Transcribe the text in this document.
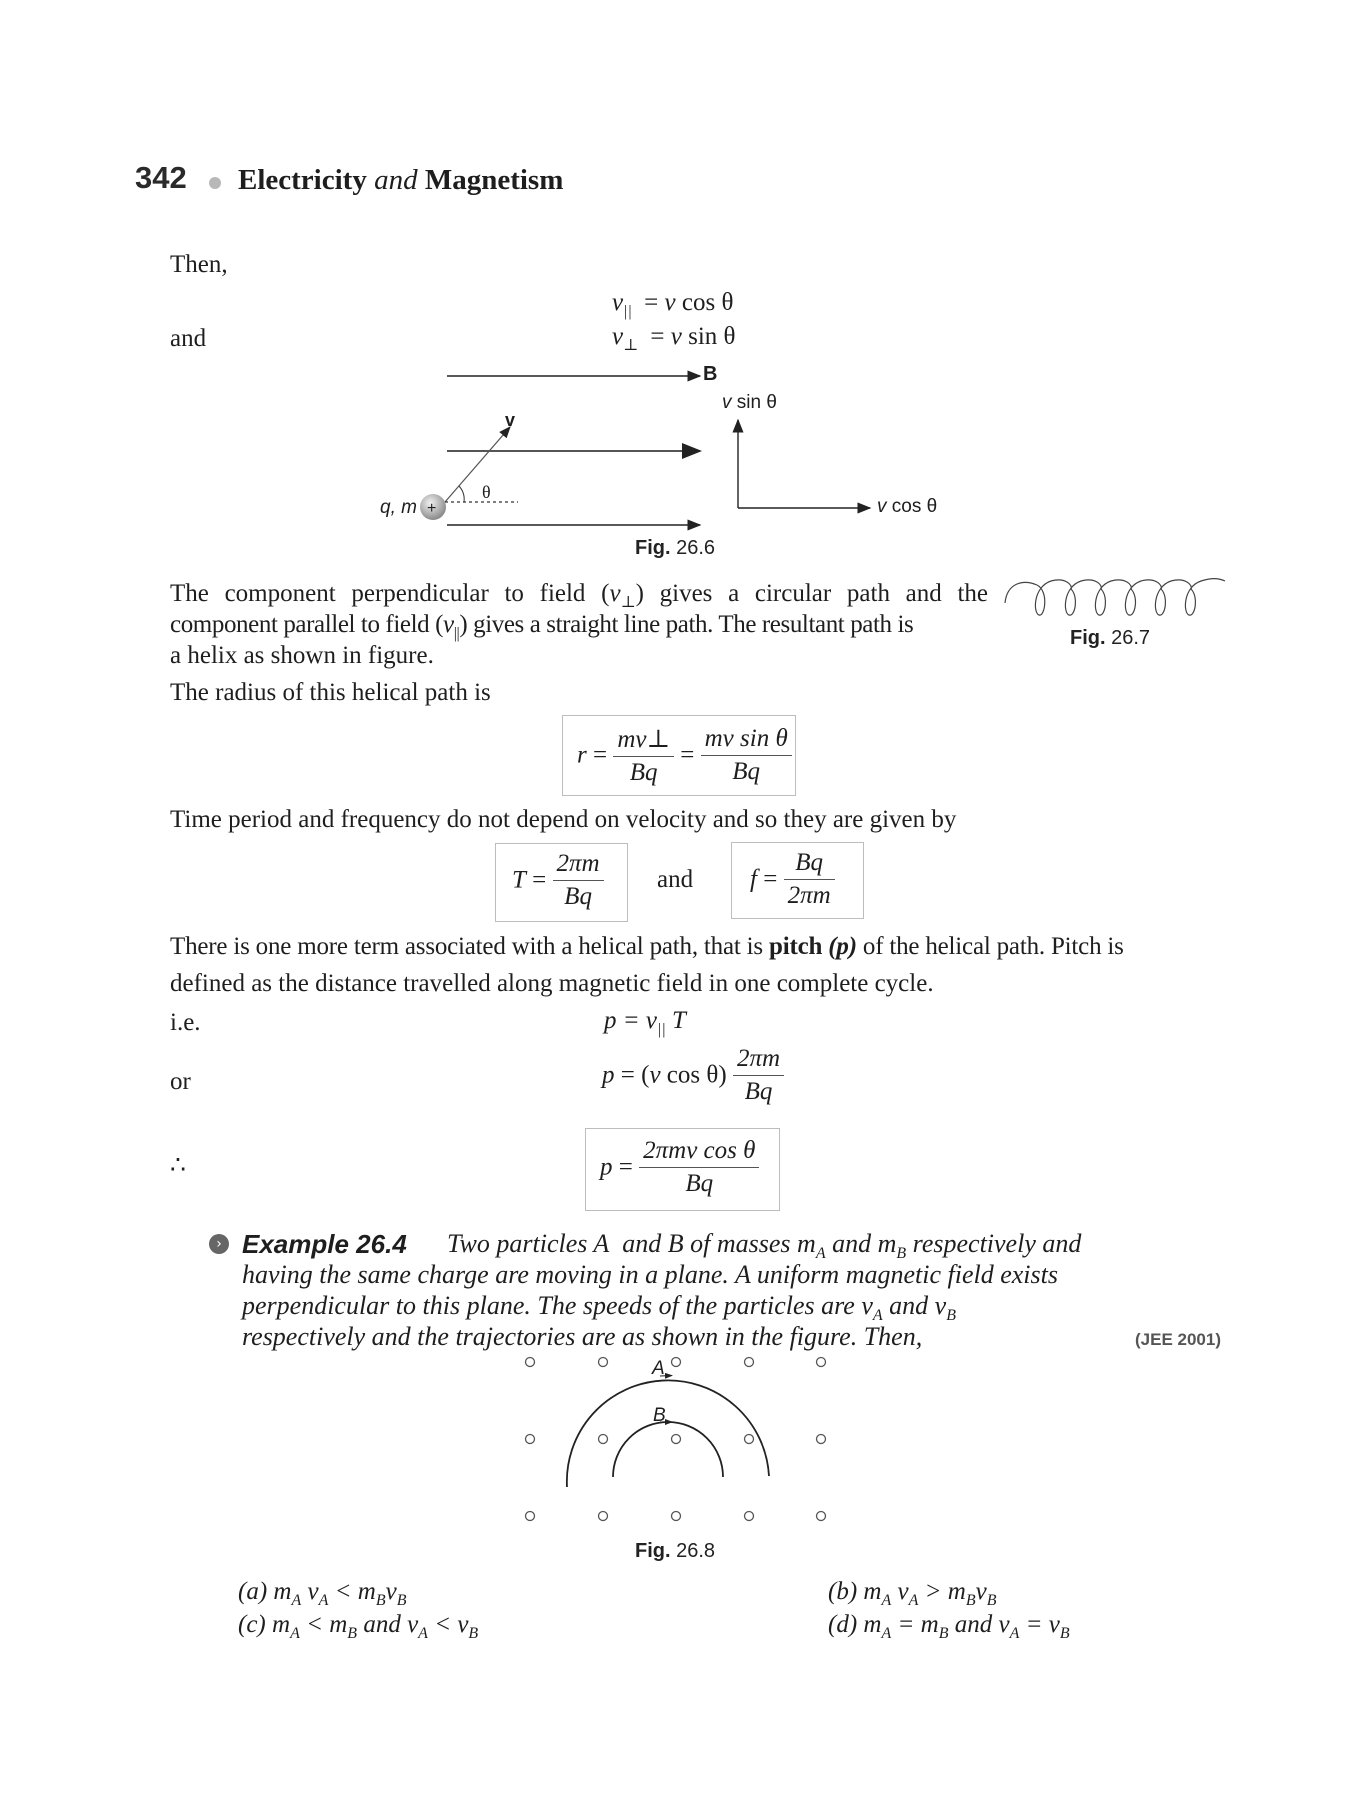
342 Electricity and Magnetism
Then,
and
$v_{||} = v$ cos θ
$v_\perp = v$ sin θ
+
B
v
θ
q, m
v sin θ
v cos θ
Fig. 26.6
The component perpendicular to field $(v_\perp)$ gives a circular path and the
component parallel to field $(v_{||})$ gives a straight line path. The resultant path is
a helix as shown in figure.
The radius of this helical path is
Fig. 26.7
$r = \frac{mv\perp}{Bq} = \frac{\text{mv sin θ}}{Bq}$
Time period and frequency do not depend on velocity and so they are given by
$T = \frac{2\pi m}{Bq}$ and $f = \frac{Bq}{2\pi m}$
There is one more term associated with a helical path, that is pitch (p) of the helical path. Pitch is
defined as the distance travelled along magnetic field in one complete cycle.
i.e.	$p = v_{||}$ T
or	p = (v $\cos \theta) \frac{2\pi m}{Bq}$
∴	$p = \frac{\text{2πmv cos θ}}{Bq}$
› Example 26.4 Two particles A  and B of masses $m_A$ and $m_B$ respectively and
having the same charge are moving in a plane. A uniform magnetic field exists
perpendicular to this plane. The speeds of the particles are $v_A$ and $v_B$
respectively and the trajectories are as shown in the figure. Then,	(JEE 2001)
A
B
Fig. 26.8
(a) $m_A$ $v_A < m_Bv_B$	(b) $m_A$ $v_A > m_Bv_B$
(c) $m_A < m_B$ and $v_A < v_B$	(d) $m_A = m_B$ and $v_A = v_B$
